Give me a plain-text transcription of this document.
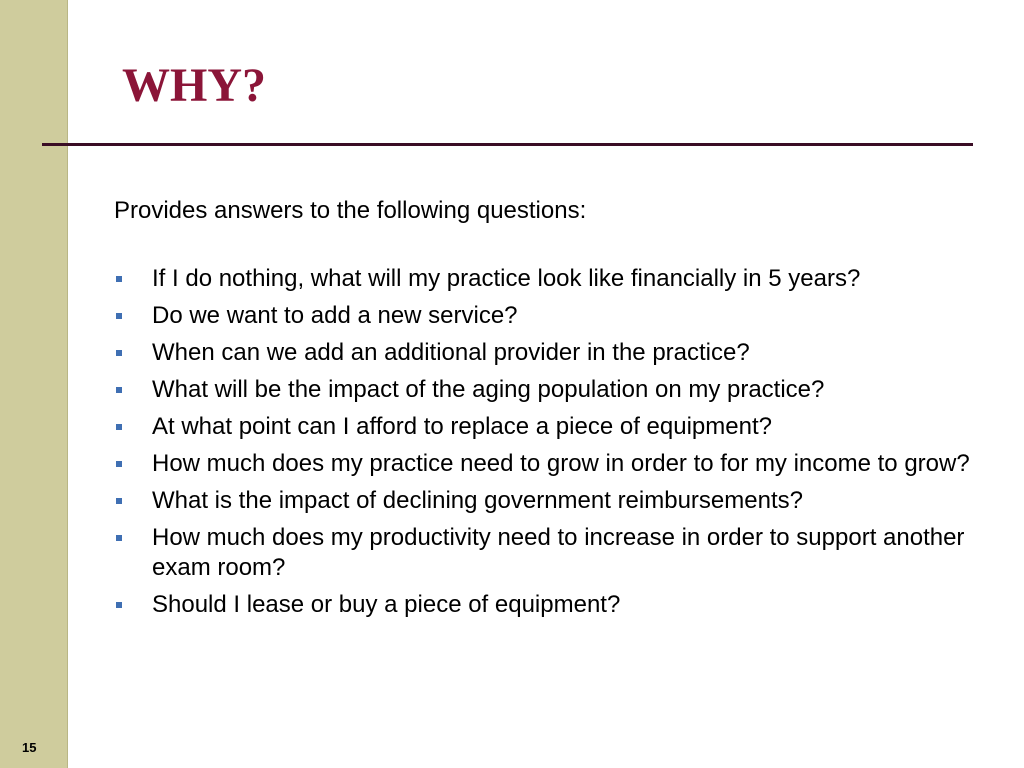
WHY?

Provides answers to the following questions:

If I do nothing, what will my practice look like financially in 5 years?
Do we want to add a new service?
When can we add an additional provider in the practice?
What will be the impact of the aging population on my practice?
At what point can I afford to replace a piece of equipment?
How much does my practice need to grow in order to for my income to grow?
What is the impact of declining government reimbursements?
How much does my productivity need to increase in order to support another exam room?
Should I lease or buy a piece of equipment?
15
